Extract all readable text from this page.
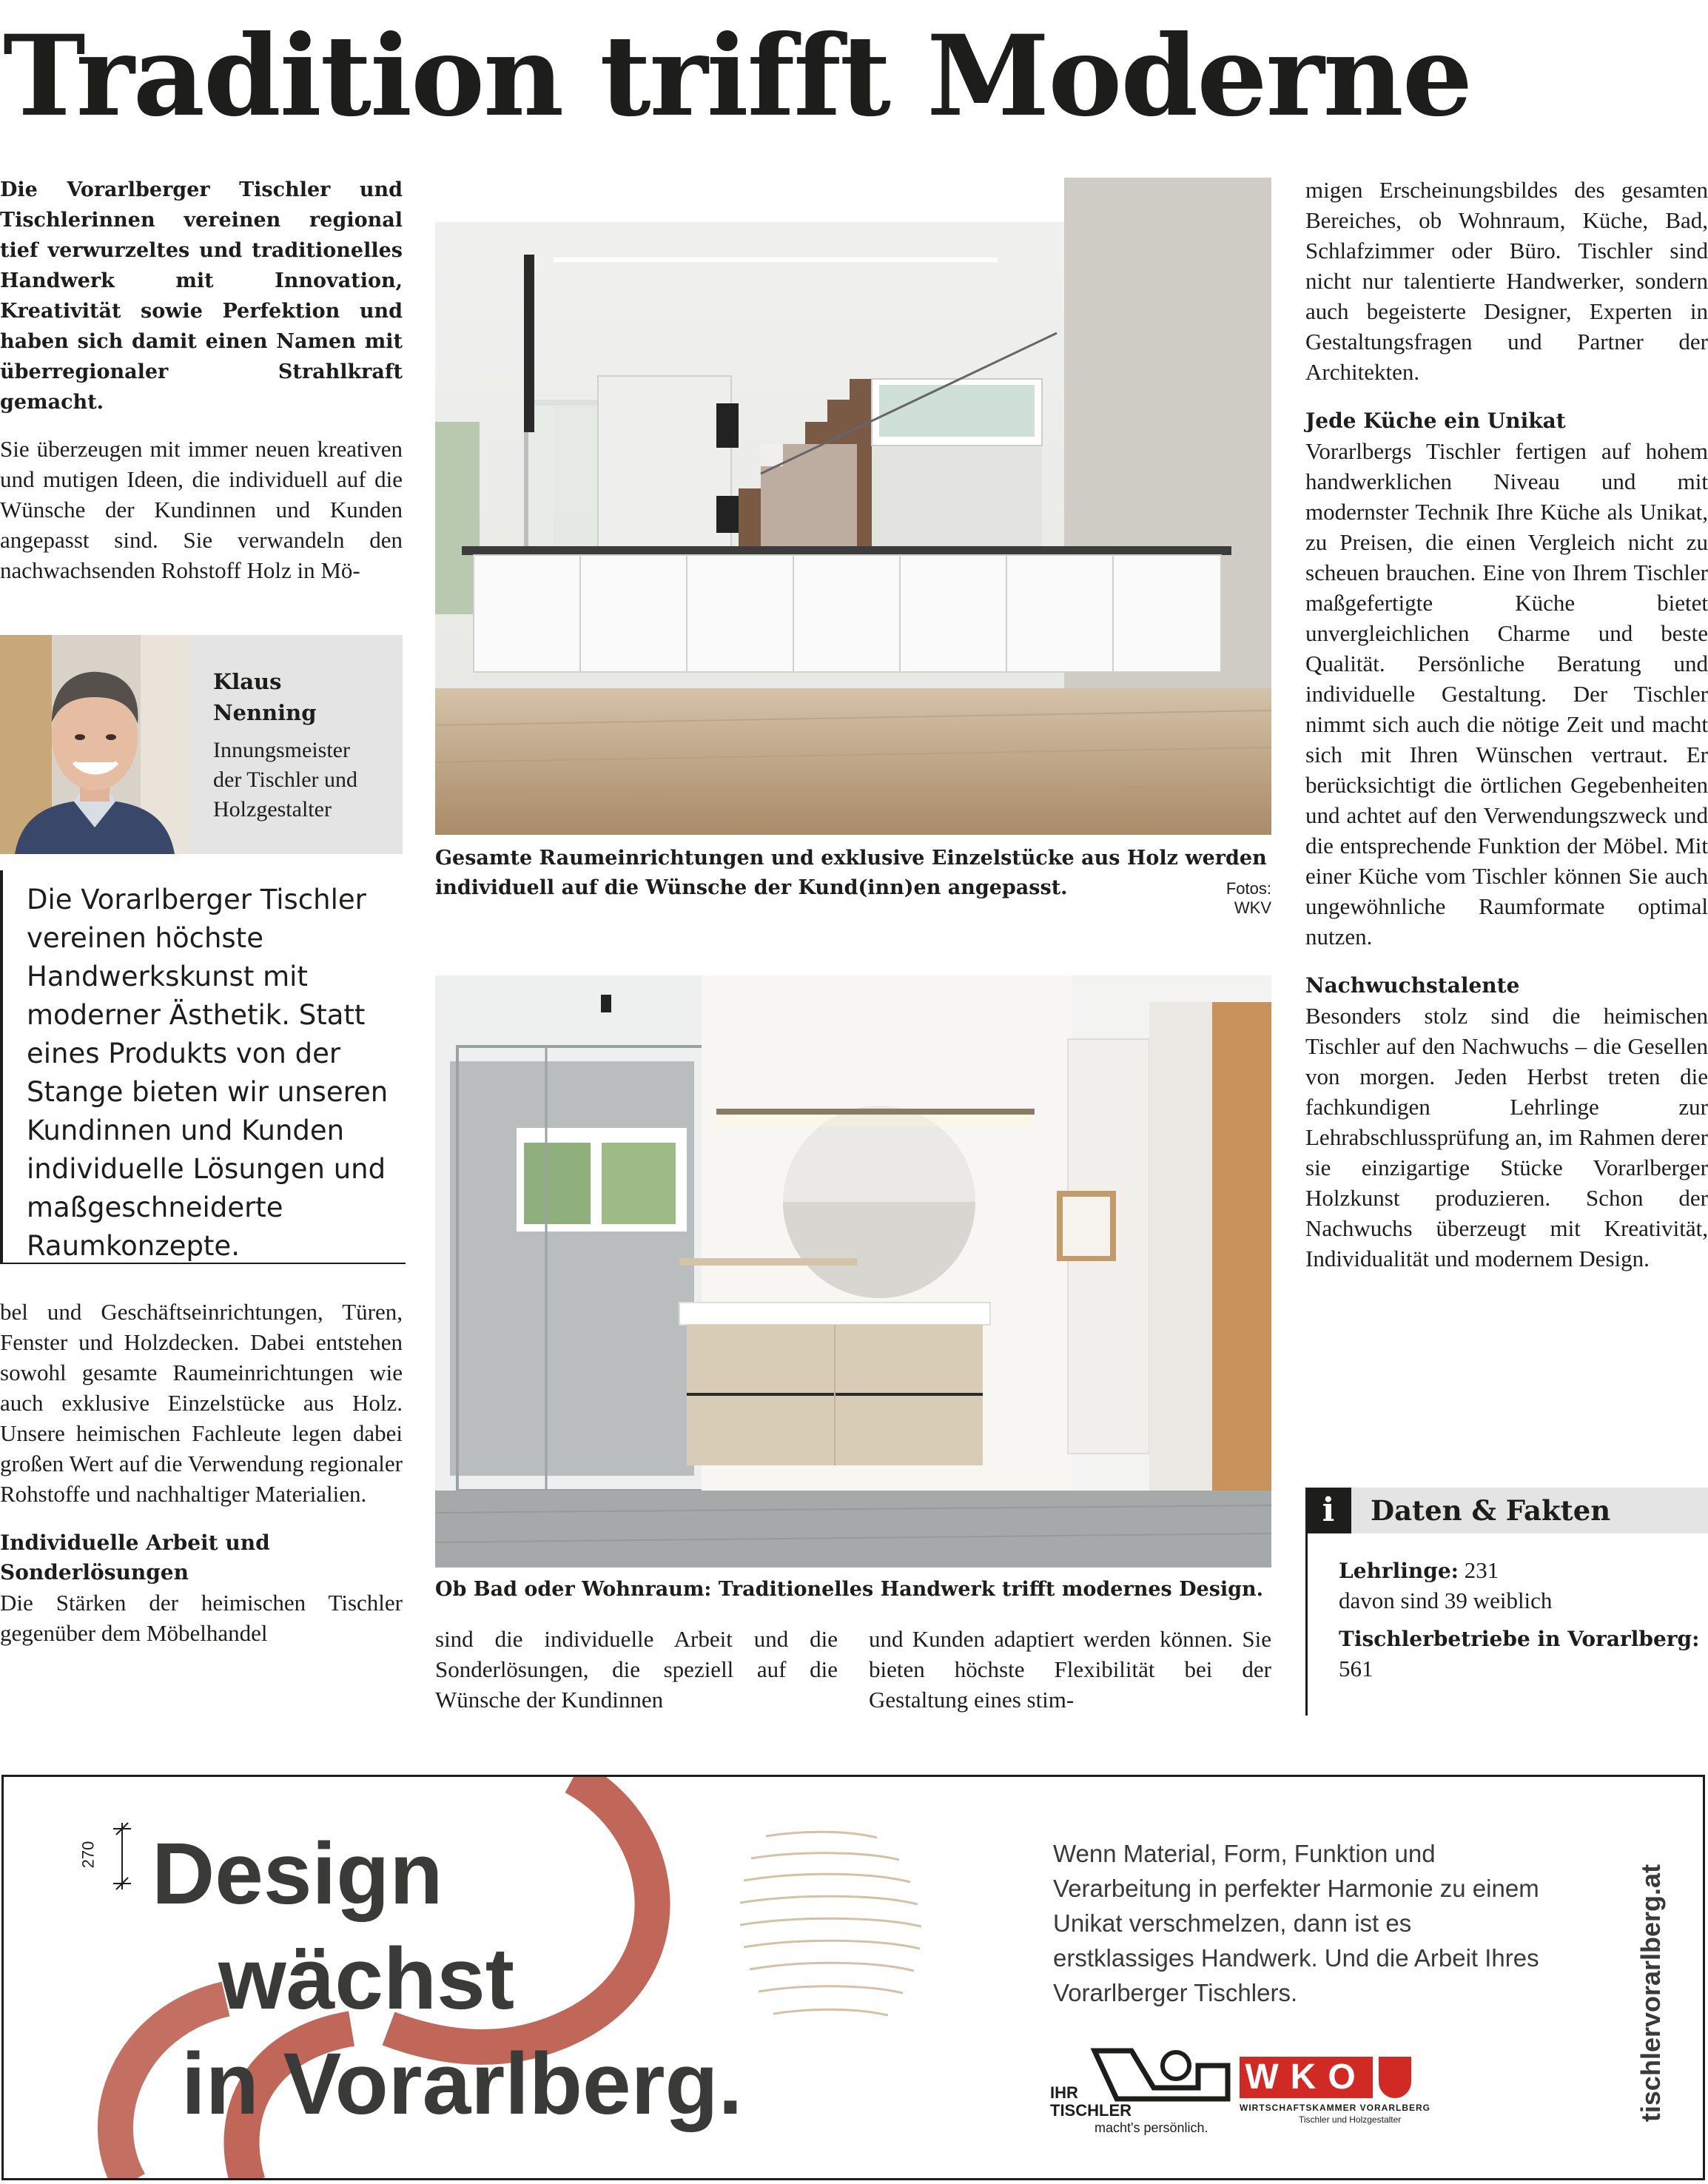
Tradition trifft Moderne

Die Vorarlberger Tischler und Tischlerinnen vereinen regional tief verwurzeltes und traditionelles Handwerk mit Innovation, Kreativität sowie Perfektion und haben sich damit einen Namen mit überregionaler Strahlkraft gemacht.

Sie überzeugen mit immer neuen kreativen und mutigen Ideen, die individuell auf die Wünsche der Kundinnen und Kunden angepasst sind. Sie verwandeln den nachwachsenden Rohstoff Holz in Mö-

Klaus Nenning
Innungsmeister der Tischler und Holzgestalter
Die Vorarlberger Tischler vereinen höchste Handwerkskunst mit moderner Ästhetik. Statt eines Produkts von der Stange bieten wir unseren Kundinnen und Kunden individuelle Lösungen und maßgeschneiderte Raumkonzepte.

bel und Geschäftseinrichtungen, Türen, Fenster und Holzdecken. Dabei entstehen sowohl gesamte Raumeinrichtungen wie auch exklusive Einzelstücke aus Holz. Unsere heimischen Fachleute legen dabei großen Wert auf die Verwendung regionaler Rohstoffe und nachhaltiger Materialien.

Individuelle Arbeit und Sonderlösungen

Die Stärken der heimischen Tischler gegenüber dem Möbelhandel

Gesamte Raumeinrichtungen und exklusive Einzelstücke aus Holz werden individuell auf die Wünsche der Kund(inn)en angepasst.	Fotos: WKV
Ob Bad oder Wohnraum: Traditionelles Handwerk trifft modernes Design.

sind die individuelle Arbeit und die Sonderlösungen, die speziell auf die Wünsche der Kundinnen

und Kunden adaptiert werden können. Sie bieten höchste Flexibilität bei der Gestaltung eines stim-

migen Erscheinungsbildes des gesamten Bereiches, ob Wohnraum, Küche, Bad, Schlafzimmer oder Büro. Tischler sind nicht nur talentierte Handwerker, sondern auch begeisterte Designer, Experten in Gestaltungsfragen und Partner der Architekten.

Jede Küche ein Unikat

Vorarlbergs Tischler fertigen auf hohem handwerklichen Niveau und mit modernster Technik Ihre Küche als Unikat, zu Preisen, die einen Vergleich nicht zu scheuen brauchen. Eine von Ihrem Tischler maßgefertigte Küche bietet unvergleichlichen Charme und beste Qualität. Persönliche Beratung und individuelle Gestaltung. Der Tischler nimmt sich auch die nötige Zeit und macht sich mit Ihren Wünschen vertraut. Er berücksichtigt die örtlichen Gegebenheiten und achtet auf den Verwendungszweck und die entsprechende Funktion der Möbel. Mit einer Küche vom Tischler können Sie auch ungewöhnliche Raumformate optimal nutzen.

Nachwuchstalente

Besonders stolz sind die heimischen Tischler auf den Nachwuchs – die Gesellen von morgen. Jeden Herbst treten die fachkundigen Lehrlinge zur Lehrabschlussprüfung an, im Rahmen derer sie einzigartige Stücke Vorarlberger Holzkunst produzieren. Schon der Nachwuchs überzeugt mit Kreativität, Individualität und modernem Design.

i	Daten & Fakten
Lehrlinge: 231
davon sind 39 weiblich
Tischlerbetriebe in Vorarlberg:
561
270 Design
wächst
in Vorarlberg.
Wenn Material, Form, Funktion und Verarbeitung in perfekter Harmonie zu einem Unikat verschmelzen, dann ist es erstklassiges Handwerk. Und die Arbeit Ihres Vorarlberger Tischlers.
IHR
TISCHLER
macht's persönlich.
WKO
WIRTSCHAFTSKAMMER VORARLBERG
Tischler und Holzgestalter	tischlervorarlberg.at
